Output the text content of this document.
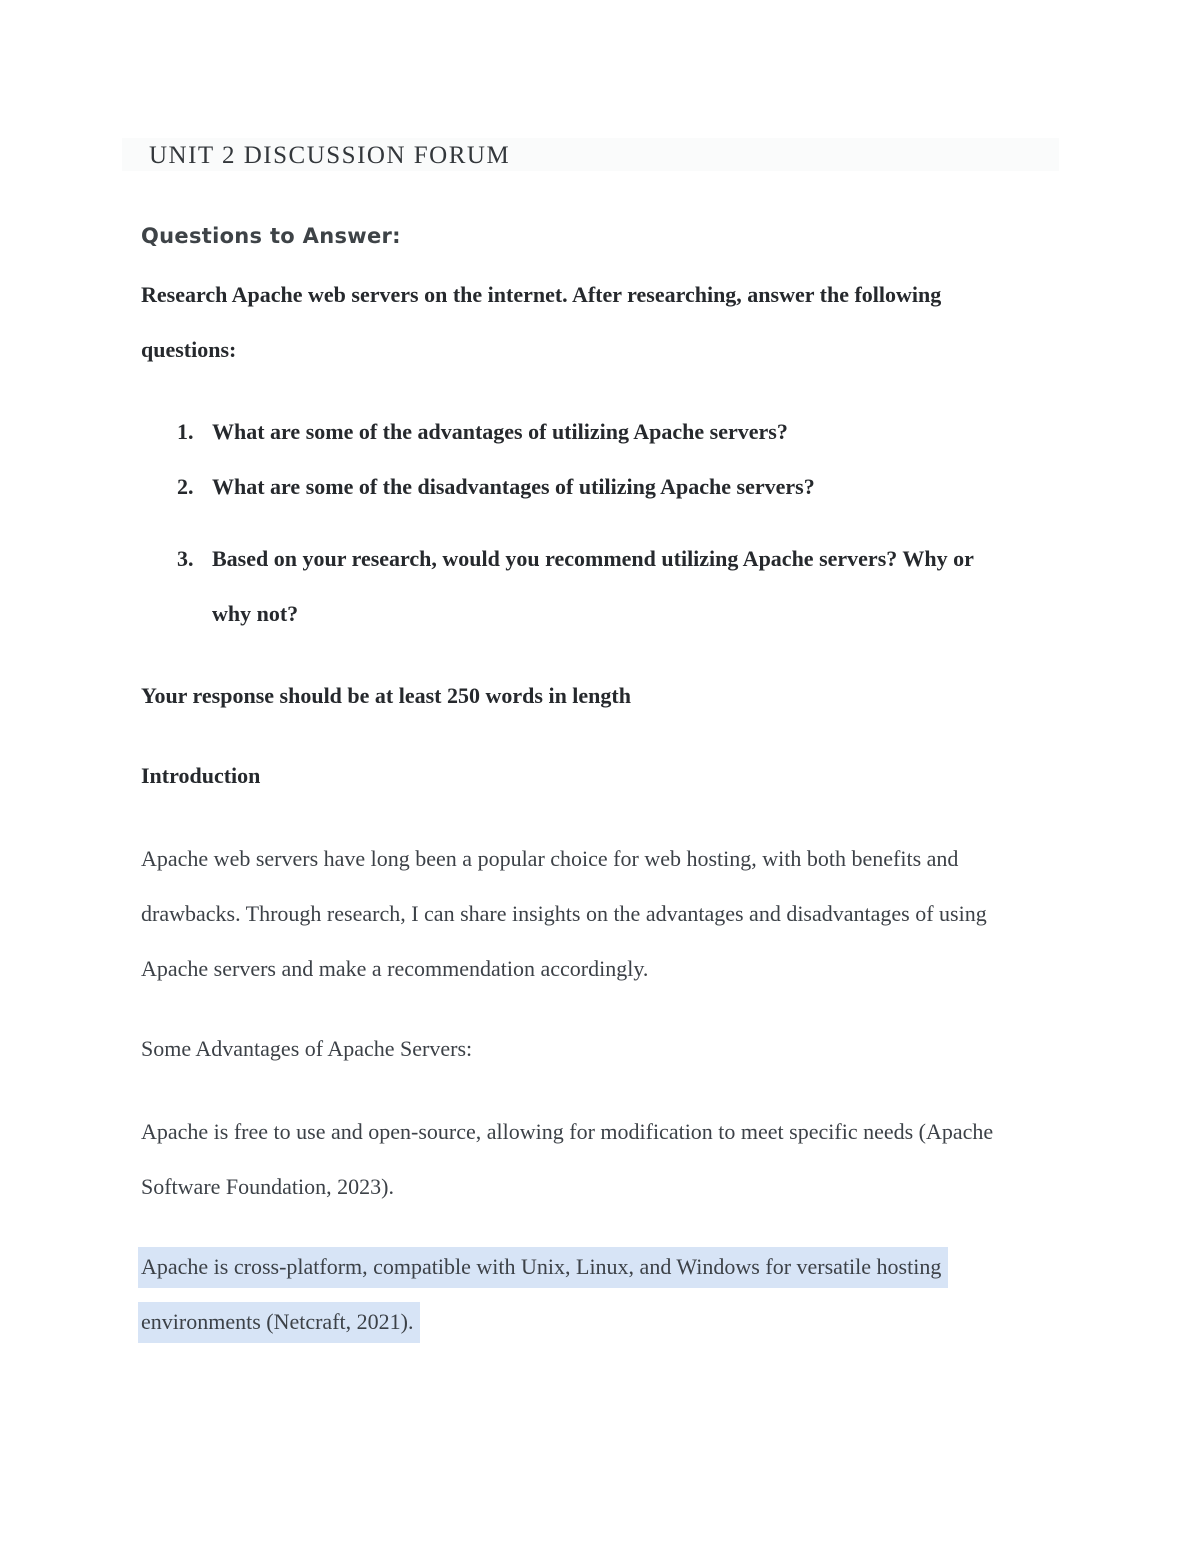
UNIT 2 DISCUSSION FORUM
Questions to Answer:
Research Apache web servers on the internet. After researching, answer the following
questions:
1. What are some of the advantages of utilizing Apache servers?
2. What are some of the disadvantages of utilizing Apache servers?
3. Based on your research, would you recommend utilizing Apache servers? Why or
why not?
Your response should be at least 250 words in length
Introduction
Apache web servers have long been a popular choice for web hosting, with both benefits and
drawbacks. Through research, I can share insights on the advantages and disadvantages of using
Apache servers and make a recommendation accordingly.
Some Advantages of Apache Servers:
Apache is free to use and open-source, allowing for modification to meet specific needs (Apache
Software Foundation, 2023).
Apache is cross-platform, compatible with Unix, Linux, and Windows for versatile hosting
environments (Netcraft, 2021).
